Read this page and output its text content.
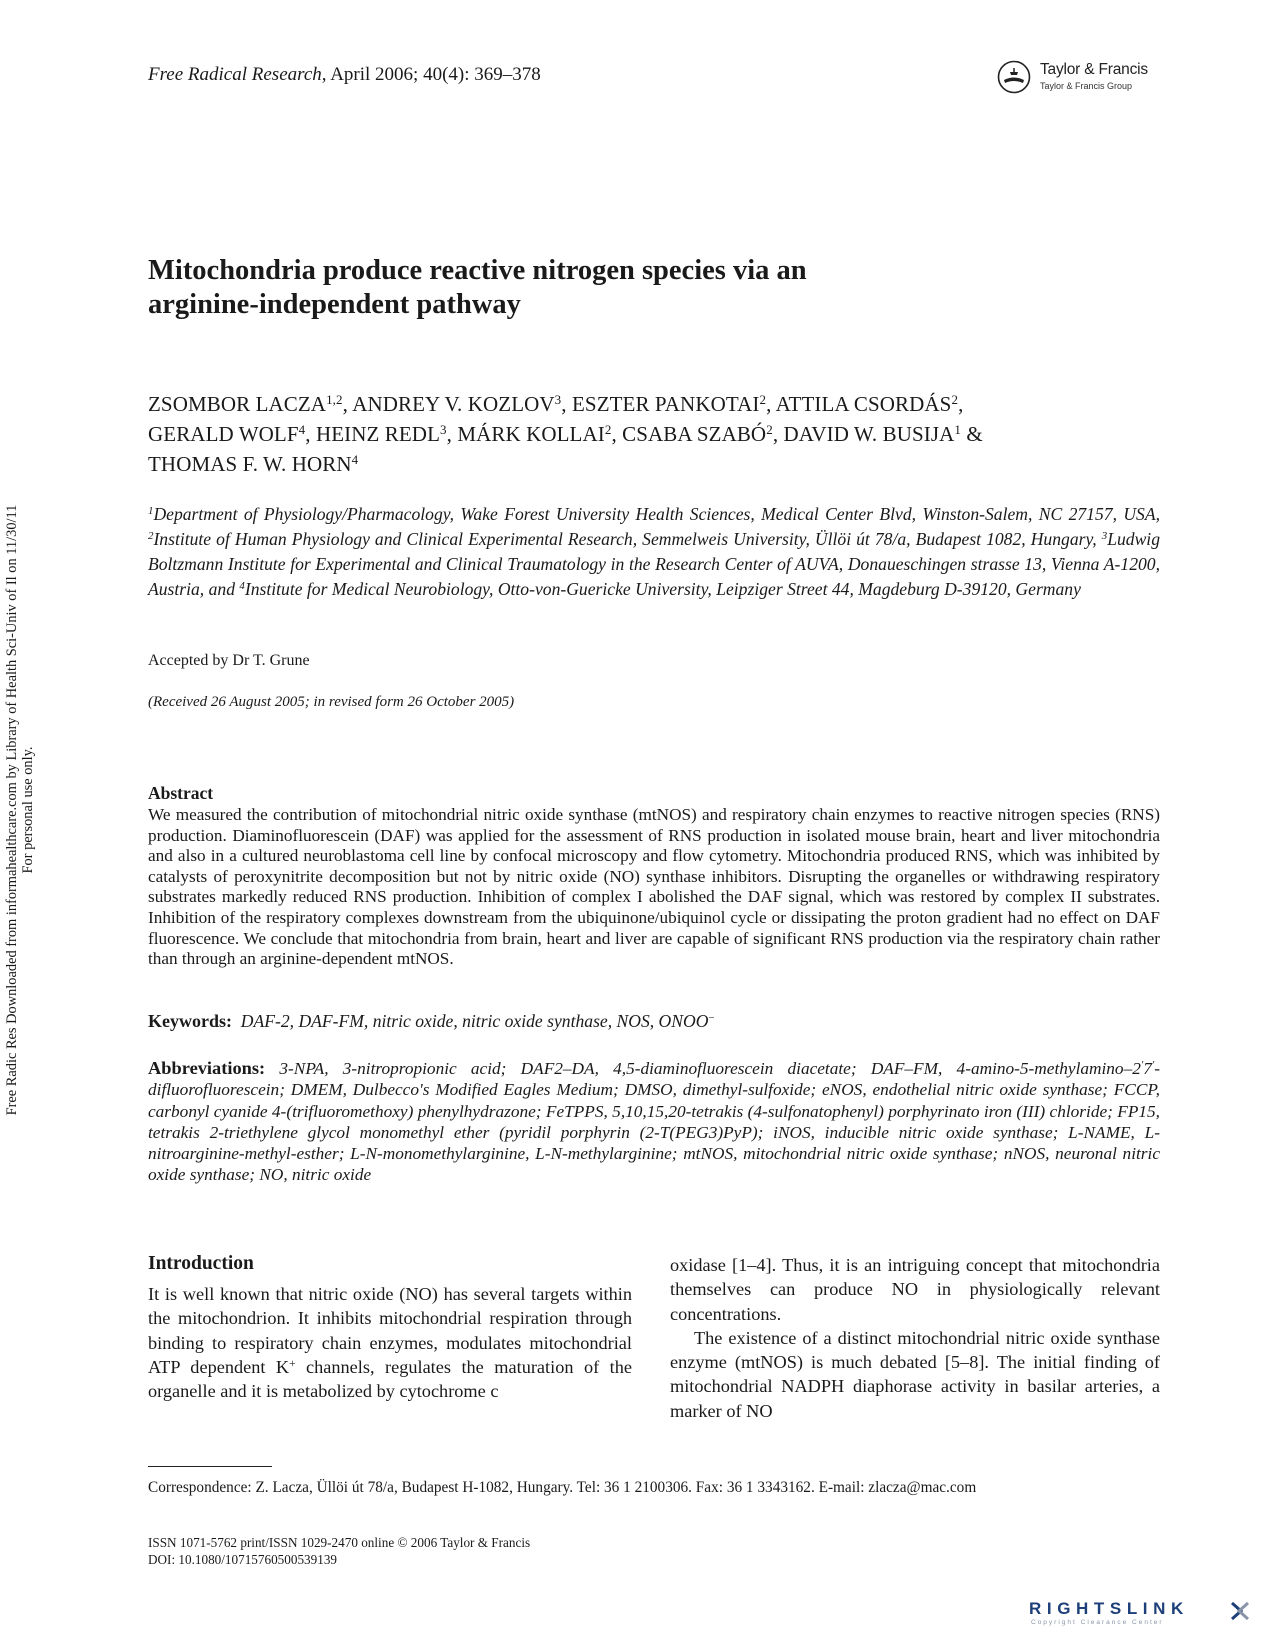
Free Radical Research, April 2006; 40(4): 369–378	Taylor & Francis
Taylor & Francis Group
Mitochondria produce reactive nitrogen species via an
arginine-independent pathway
ZSOMBOR LACZA$^{1,2}$, ANDREY V. KOZLOV$^3$, ESZTER PANKOTAI$^2$, ATTILA CSORDÁS$^2$,
GERALD WOLF$^4$, HEINZ REDL$^3$, MÁRK KOLLAI$^2$, CSABA SZABÓ$^2$, DAVID W. BUSIJA$^1$ &
THOMAS F. W. HORN$^4$
$^1$Department of Physiology/Pharmacology, Wake Forest University Health Sciences, Medical Center Blvd, Winston-Salem, NC 27157, USA, $^2$Institute of Human Physiology and Clinical Experimental Research, Semmelweis University, Üllöi út 78/a, Budapest 1082, Hungary, $^3$Ludwig Boltzmann Institute for Experimental and Clinical Traumatology in the Research Center of AUVA, Donaueschingen strasse 13, Vienna A-1200, Austria, and $^4$Institute for Medical Neurobiology, Otto-von-Guericke University, Leipziger Street 44, Magdeburg D-39120, Germany
Accepted by Dr T. Grune
(Received 26 August 2005; in revised form 26 October 2005)
Abstract
We measured the contribution of mitochondrial nitric oxide synthase (mtNOS) and respiratory chain enzymes to reactive nitrogen species (RNS) production. Diaminofluorescein (DAF) was applied for the assessment of RNS production in isolated mouse brain, heart and liver mitochondria and also in a cultured neuroblastoma cell line by confocal microscopy and flow cytometry. Mitochondria produced RNS, which was inhibited by catalysts of peroxynitrite decomposition but not by nitric oxide (NO) synthase inhibitors. Disrupting the organelles or withdrawing respiratory substrates markedly reduced RNS production. Inhibition of complex I abolished the DAF signal, which was restored by complex II substrates. Inhibition of the respiratory complexes downstream from the ubiquinone/ubiquinol cycle or dissipating the proton gradient had no effect on DAF fluorescence. We conclude that mitochondria from brain, heart and liver are capable of significant RNS production via the respiratory chain rather than through an arginine-dependent mtNOS.
Keywords: DAF-2, DAF-FM, nitric oxide, nitric oxide synthase, NOS, ONOO−
Abbreviations: 3-NPA, 3-nitropropionic acid; DAF2–DA, 4,5-diaminofluorescein diacetate; DAF–FM, 4-amino-5-methylamino–2′7′-difluorofluorescein; DMEM, Dulbecco's Modified Eagles Medium; DMSO, dimethyl-sulfoxide; eNOS, endothelial nitric oxide synthase; FCCP, carbonyl cyanide 4-(trifluoromethoxy) phenylhydrazone; FeTPPS, 5,10,15,20-tetrakis (4-sulfonatophenyl) porphyrinato iron (III) chloride; FP15, tetrakis 2-triethylene glycol monomethyl ether (pyridil porphyrin (2-T(PEG3)PyP); iNOS, inducible nitric oxide synthase; L-NAME, L-nitroarginine-methyl-esther; L-N-monomethylarginine, L-N-methylarginine; mtNOS, mitochondrial nitric oxide synthase; nNOS, neuronal nitric oxide synthase; NO, nitric oxide
Introduction
It is well known that nitric oxide (NO) has several targets within the mitochondrion. It inhibits mitochondrial respiration through binding to respiratory chain enzymes, modulates mitochondrial ATP dependent K+ channels, regulates the maturation of the organelle and it is metabolized by cytochrome c

oxidase [1–4]. Thus, it is an intriguing concept that mitochondria themselves can produce NO in physiologically relevant concentrations.

The existence of a distinct mitochondrial nitric oxide synthase enzyme (mtNOS) is much debated [5–8]. The initial finding of mitochondrial NADPH diaphorase activity in basilar arteries, a marker of NO

Correspondence: Z. Lacza, Üllöi út 78/a, Budapest H-1082, Hungary. Tel: 36 1 2100306. Fax: 36 1 3343162. E-mail: zlacza@mac.com
ISSN 1071-5762 print/ISSN 1029-2470 online © 2006 Taylor & Francis
DOI: 10.1080/10715760500539139
Free Radic Res Downloaded from informahealthcare.com by Library of Health Sci-Univ of Il on 11/30/11 For personal use only.
RIGHTSLINK
Copyright Clearance Center
